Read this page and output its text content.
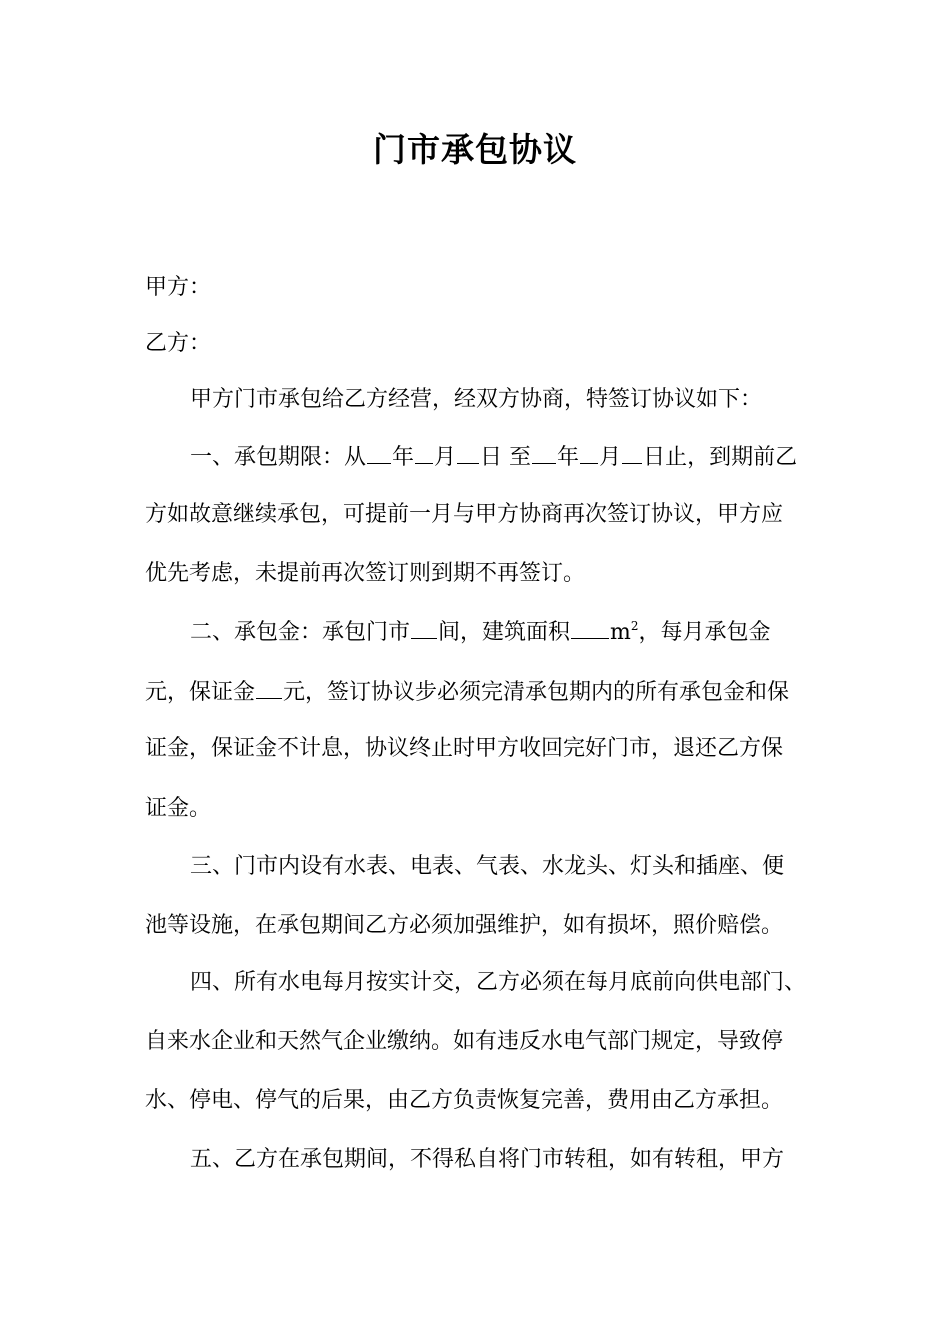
门市承包协议
甲方：
乙方：
甲方门市承包给乙方经营，经双方协商，特签订协议如下：
一、承包期限：从 年 月 日 至 年 月 日止，到期前乙
方如故意继续承包，可提前一月与甲方协商再次签订协议，甲方应
优先考虑，未提前再次签订则到期不再签订。
二、承包金：承包门市 间，建筑面积 $m^2$，每月承包金
元，保证金 元，签订协议步必须完清承包期内的所有承包金和保
证金，保证金不计息，协议终止时甲方收回完好门市，退还乙方保
证金。
三、门市内设有水表、电表、气表、水龙头、灯头和插座、便
池等设施，在承包期间乙方必须加强维护，如有损坏，照价赔偿。
四、所有水电每月按实计交，乙方必须在每月底前向供电部门、
自来水企业和天然气企业缴纳。如有违反水电气部门规定，导致停
水、停电、停气的后果，由乙方负责恢复完善，费用由乙方承担。
五、乙方在承包期间，不得私自将门市转租，如有转租，甲方
